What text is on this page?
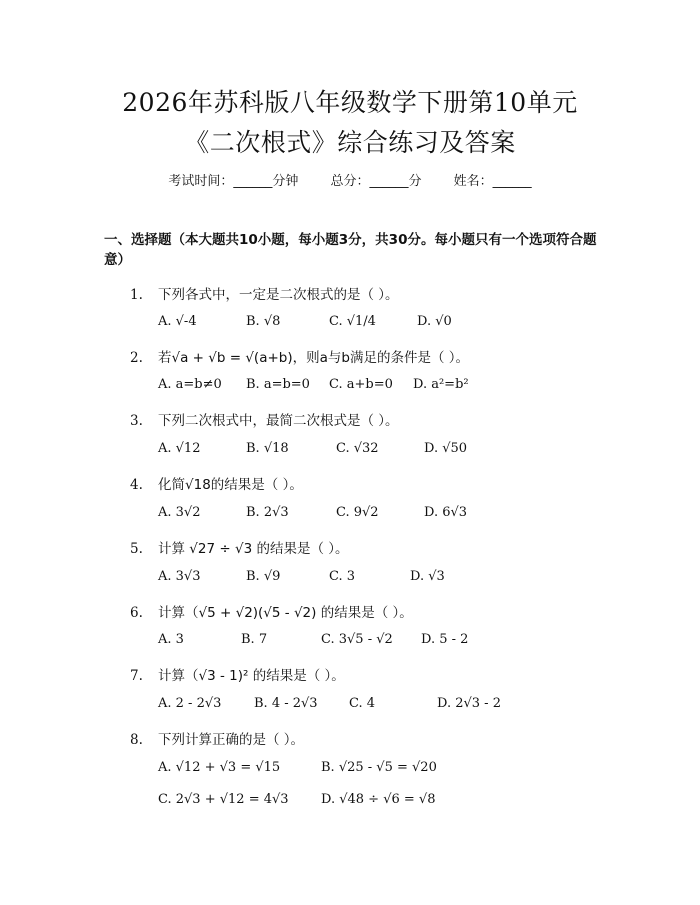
2026年苏科版八年级数学下册第10单元
《二次根式》综合练习及答案
考试时间：______分钟 总分：______分 姓名：______
一、选择题（本大题共10小题，每小题3分，共30分。每小题只有一个选项符合题意）
1. 下列各式中，一定是二次根式的是（ ）。
A. √-4	B. √8	C. √1/4	D. √0
2. 若√a + √b = √(a+b)，则a与b满足的条件是（ ）。
A. a=b≠0 B. a=b=0 C. a+b=0 D. a²=b²
3. 下列二次根式中，最简二次根式是（ ）。
A. √12	B. √18	C. √32	D. √50
4. 化简√18的结果是（ ）。
A. 3√2	B. 2√3	C. 9√2	D. 6√3
5. 计算 √27 ÷ √3 的结果是（ ）。
A. 3√3	B. √9	C. 3	D. √3
6. 计算（√5 + √2)(√5 - √2) 的结果是（ ）。
A. 3	B. 7	C. 3√5 - √2 D. 5 - 2
7. 计算（√3 - 1)² 的结果是（ ）。
A. 2 - 2√3	B. 4 - 2√3 C. 4	D. 2√3 - 2
8. 下列计算正确的是（ ）。
A. √12 + √3 = √15	B. √25 - √5 = √20
C. 2√3 + √12 = 4√3 D. √48 ÷ √6 = √8
